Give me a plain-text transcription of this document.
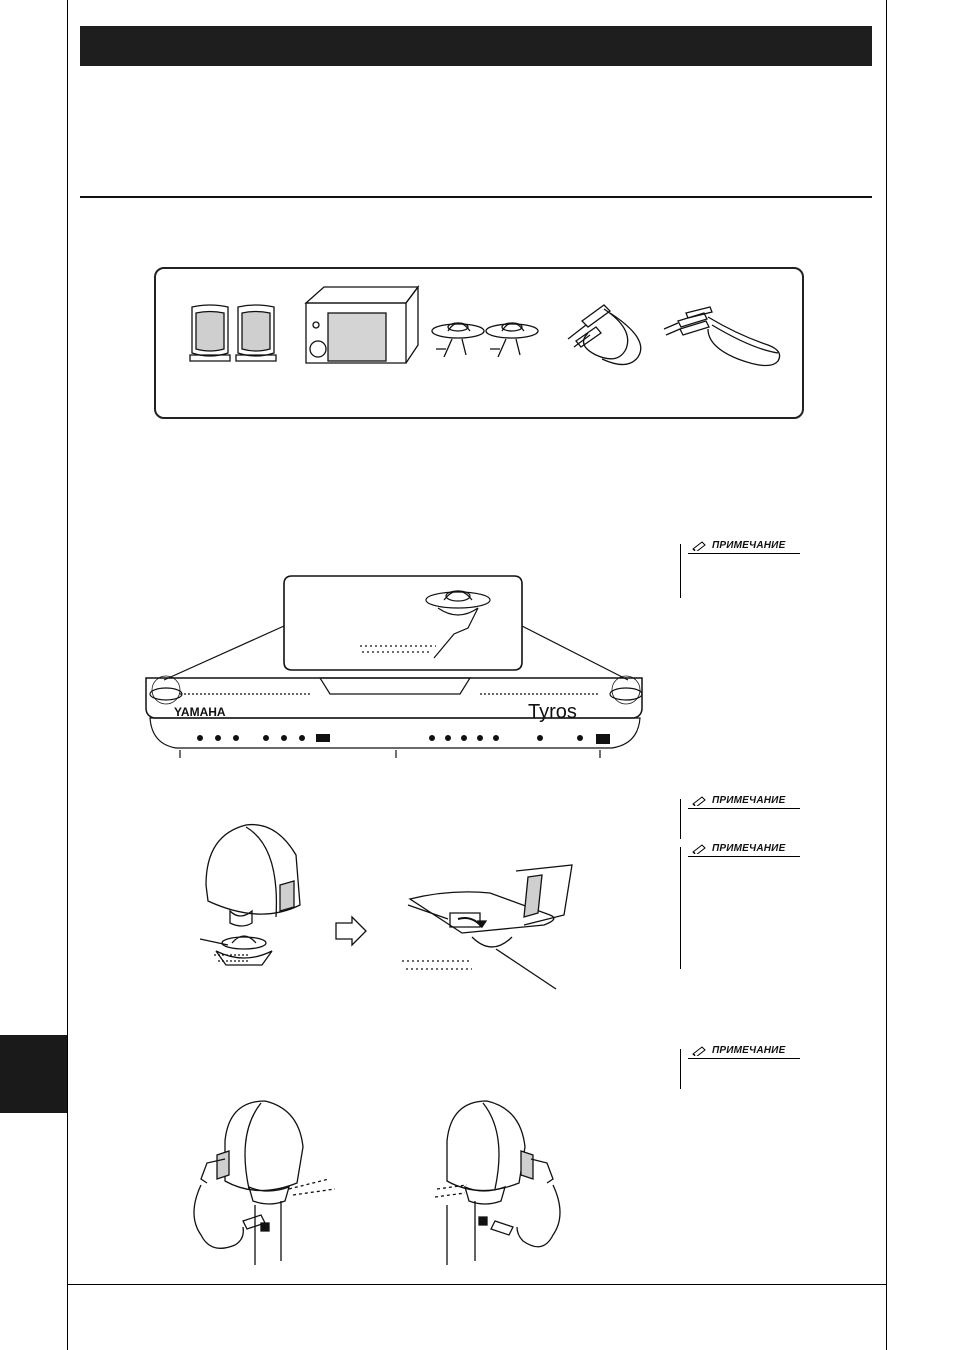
ПРИМЕЧАНИЕ
YAMAHA	Tyros
ПРИМЕЧАНИЕ
ПРИМЕЧАНИЕ
ПРИМЕЧАНИЕ
